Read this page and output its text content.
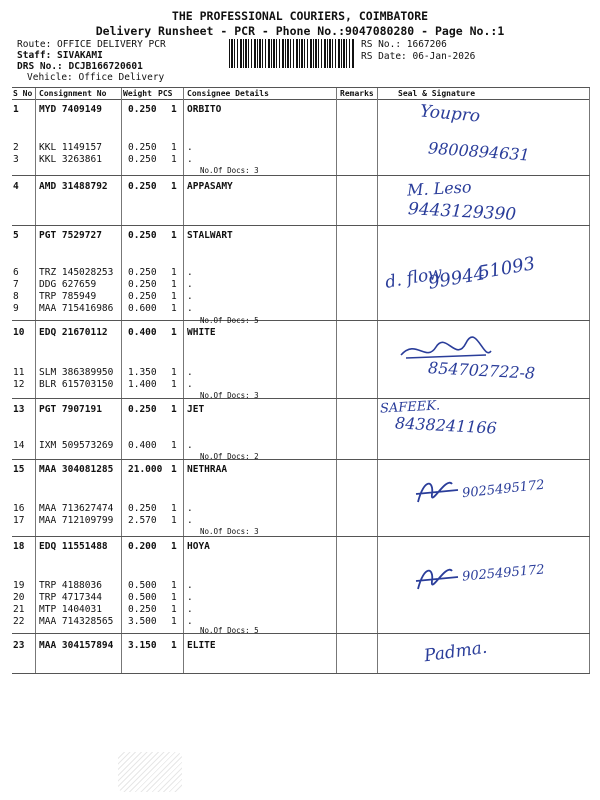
THE PROFESSIONAL COURIERS, COIMBATORE
Delivery Runsheet - PCR - Phone No.:9047080280 - Page No.:1
Route: OFFICE DELIVERY PCR
Staff: SIVAKAMI
DRS No.: DCJB166720601
Vehicle: Office Delivery
RS No.: 1667206
RS Date: 06-Jan-2026
S No Consignment No Weight PCS Consignee Details	Remarks	Seal & Signature
1 MYD 7409149	0.250 1 ORBITO
2 KKL 1149157	0.250 1 .
3 KKL 3263861	0.250 1 .
4 AMD 31488792 0.250 1 APPASAMY
5 PGT 7529727	0.250 1 STALWART
6 TRZ 145028253 0.250 1 .
7 DDG 627659	0.250 1 .
8 TRP 785949	0.250 1 .
9 MAA 715416986 0.600 1 .
10 EDQ 21670112 0.400 1 WHITE
11 SLM 386389950 1.350 1 .
12 BLR 615703150 1.400 1 .
13 PGT 7907191	0.250 1 JET
14 IXM 509573269 0.400 1 .
15 MAA 304081285 21.000 1 NETHRAA
16 MAA 713627474 0.250 1 .
17 MAA 712109799 2.570 1 .
18 EDQ 11551488 0.200 1 HOYA
19 TRP 4188036	0.500 1 .
20 TRP 4717344	0.500 1 .
21 MTP 1404031	0.250 1 .
22 MAA 714328565 3.500 1 .
23 MAA 304157894 3.150 1 ELITE
No.Of Docs: 3
No.Of Docs: 5
No.Of Docs: 3
No.Of Docs: 2
No.Of Docs: 3
No.Of Docs: 5
Youpro
9800894631
M. Leso
9443129390
d. flow
99944
51093
854702722-8
SAFEEK.
8438241166
9025495172
9025495172
Padma.
